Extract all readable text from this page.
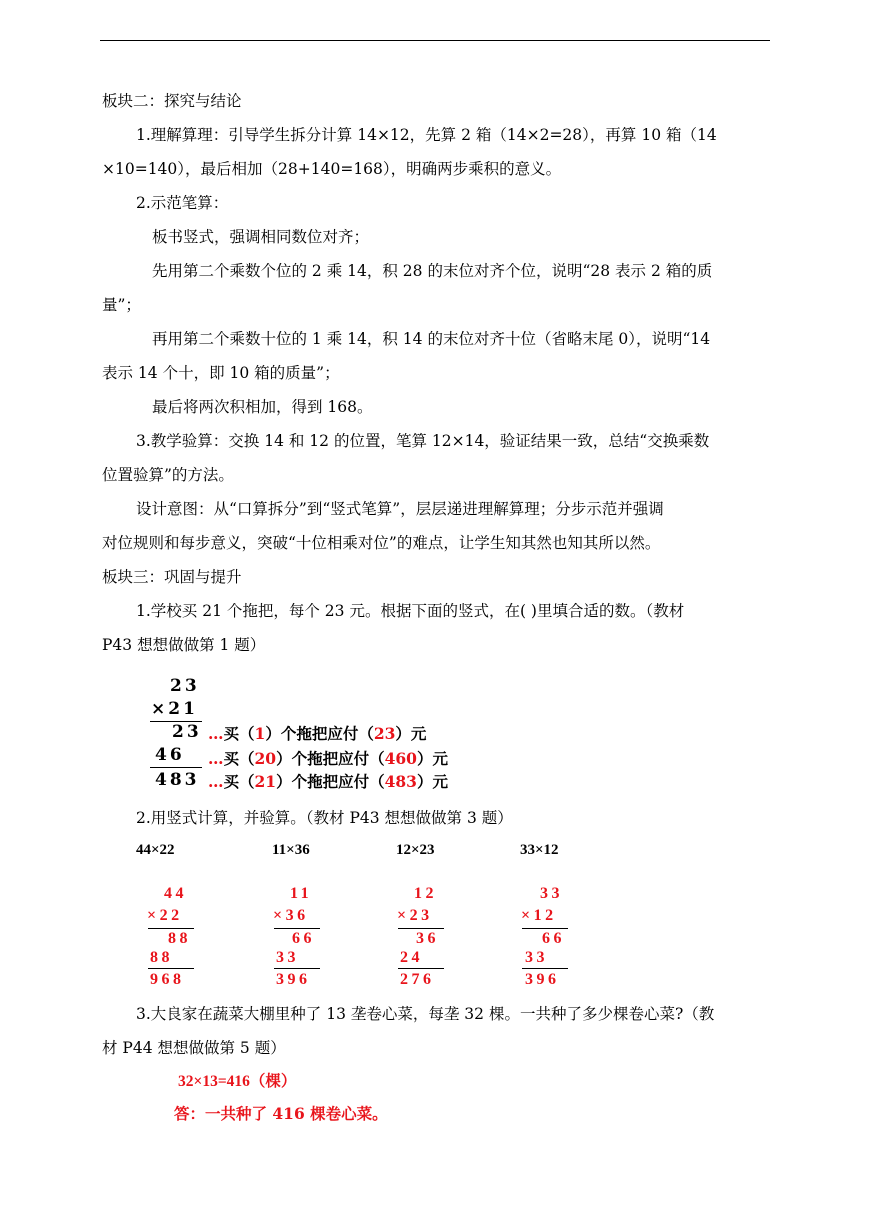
板块二：探究与结论
1.理解算理：引导学生拆分计算 14×12，先算 2 箱（14×2=28），再算 10 箱（14
×10=140），最后相加（28+140=168），明确两步乘积的意义。
2.示范笔算：
板书竖式，强调相同数位对齐；
先用第二个乘数个位的 2 乘 14，积 28 的末位对齐个位，说明“28 表示 2 箱的质
量”；
再用第二个乘数十位的 1 乘 14，积 14 的末位对齐十位（省略末尾 0），说明“14
表示 14 个十，即 10 箱的质量”；
最后将两次积相加，得到 168。
3.教学验算：交换 14 和 12 的位置，笔算 12×14，验证结果一致，总结“交换乘数
位置验算”的方法。
设计意图：从“口算拆分”到“竖式笔算”，层层递进理解算理；分步示范并强调
对位规则和每步意义，突破“十位相乘对位”的难点，让学生知其然也知其所以然。
板块三：巩固与提升
1.学校买 21 个拖把，每个 23 元。根据下面的竖式，在( )里填合适的数。（教材
P43 想想做做第 1 题）
23
×21
23
46
483
…买（1）个拖把应付（23）元
…买（20）个拖把应付（460）元
…买（21）个拖把应付（483）元
2.用竖式计算，并验算。（教材 P43 想想做做第 3 题）
44×22	11×36	12×23	33×12
44
×22
88
88
968
11
×36
66
33
396
12
×23
36
24
276
33
×12
66
33
396
3.大良家在蔬菜大棚里种了 13 垄卷心菜，每垄 32 棵。一共种了多少棵卷心菜?（教
材 P44 想想做做第 5 题）
32×13=416（棵）
答：一共种了 416 棵卷心菜。
